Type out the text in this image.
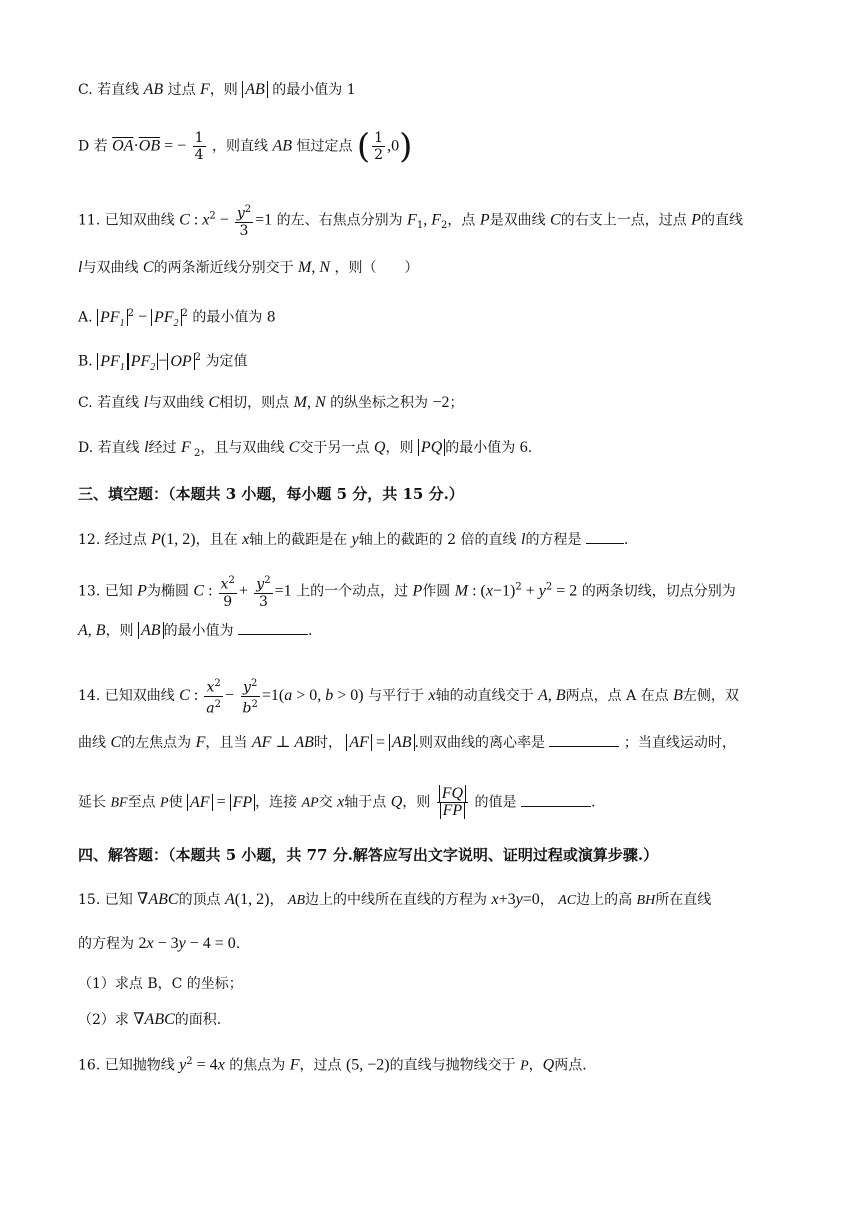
C. 若直线 AB 过点 F，则 AB 的最小值为 1
D 若 $\overline{OA}\cdot\overline{OB}$ = − $\frac{1}{4}$ ，则直线 AB 恒过定点 ( $\frac{1}{2} ,0$)
11. 已知双曲线 C : $x^2 - \frac{y^2}{3} =1$ 的左、右焦点分别为 $F_1$, $F_2$，点 P是双曲线 C的右支上一点，过点 P的直线
l与双曲线 C的两条渐近线分别交于 M, N ，则（　　）
A. $PF_1^2 - PF_2^2$ 的最小值为 8
B. $PF_1$ $PF_2$ − OP $^2$ 为定值
C. 若直线 l与双曲线 C相切，则点 M, N 的纵坐标之积为 −2；
D. 若直线 l经过 F $_2$，且与双曲线 C交于另一点 Q，则 PQ 的最小值为 6.
三、填空题：（本题共 3 小题，每小题 5 分，共 15 分.）
12. 经过点 P(1, 2)，且在 x轴上的截距是在 y轴上的截距的 2 倍的直线 l的方程是	.
13. 已知 P为椭圆 C : $\frac{x^2}{9} + \frac{y^2}{3} =1$ 上的一个动点，过 P作圆 M : $(x-1)^2 + y^2 = 2$ 的两条切线，切点分别为
A, B，则 AB 的最小值为	.
14. 已知双曲线 C : $\frac{x^2}{a^2} - \frac{y^2}{b^2} =1(a > 0$, b > 0) 与平行于 x轴的动直线交于 A, B两点，点 A 在点 B左侧，双
曲线 C的左焦点为 F，且当 AF ⊥ AB时， AF = AB .则双曲线的离心率是	；当直线运动时，
延长 BF至点 P使 AF = FP ，连接 AP交 x轴于点 Q，则 $\frac{FQ}{FP}$ 的值是	.
四、解答题：（本题共 5 小题，共 77 分.解答应写出文字说明、证明过程或演算步骤.）
15. 已知 ∇ABC的顶点 A(1, 2)， AB边上的中线所在直线的方程为 x+3y=0， AC边上的高 BH所在直线
的方程为 2x − 3y − 4 = 0.
（1）求点 B，C 的坐标；
（2）求 ∇ABC的面积.
16. 已知抛物线 $y^2 = 4x$ 的焦点为 F，过点 (5, −2)的直线与抛物线交于 P，Q两点.
